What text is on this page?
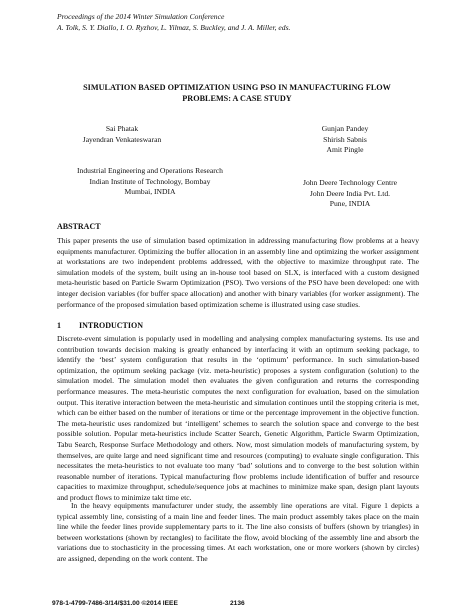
Proceedings of the 2014 Winter Simulation Conference
A. Tolk, S. Y. Diallo, I. O. Ryzhov, L. Yilmaz, S. Buckley, and J. A. Miller, eds.
SIMULATION BASED OPTIMIZATION USING PSO IN MANUFACTURING FLOW
PROBLEMS: A CASE STUDY
Sai Phatak
Jayendran Venkateswaran
Gunjan Pandey
Shirish Sabnis
Amit Pingle
Industrial Engineering and Operations Research
Indian Institute of Technology, Bombay
Mumbai, INDIA
John Deere Technology Centre
John Deere India Pvt. Ltd.
Pune, INDIA
ABSTRACT
This paper presents the use of simulation based optimization in addressing manufacturing flow problems at a heavy equipments manufacturer. Optimizing the buffer allocation in an assembly line and optimizing the worker assignment at workstations are two independent problems addressed, with the objective to maximize throughput rate. The simulation models of the system, built using an in-house tool based on SLX, is interfaced with a custom designed meta-heuristic based on Particle Swarm Optimization (PSO). Two versions of the PSO have been developed: one with integer decision variables (for buffer space allocation) and another with binary variables (for worker assignment). The performance of the proposed simulation based optimization scheme is illustrated using case studies.
1 INTRODUCTION
Discrete-event simulation is popularly used in modelling and analysing complex manufacturing systems. Its use and contribution towards decision making is greatly enhanced by interfacing it with an optimum seeking package, to identify the ‘best’ system configuration that results in the ‘optimum’ performance. In such simulation-based optimization, the optimum seeking package (viz. meta-heuristic) proposes a system configuration (solution) to the simulation model. The simulation model then evaluates the given configuration and returns the corresponding performance measures. The meta-heuristic computes the next configuration for evaluation, based on the simulation output. This iterative interaction between the meta-heuristic and simulation continues until the stopping criteria is met, which can be either based on the number of iterations or time or the percentage improvement in the objective function. The meta-heuristic uses randomized but ‘intelligent’ schemes to search the solution space and converge to the best possible solution. Popular meta-heuristics include Scatter Search, Genetic Algorithm, Particle Swarm Optimization, Tabu Search, Response Surface Methodology and others. Now, most simulation models of manufacturing system, by themselves, are quite large and need significant time and resources (computing) to evaluate single configuration. This necessitates the meta-heuristics to not evaluate too many ‘bad’ solutions and to converge to the best solution within reasonable number of iterations. Typical manufacturing flow problems include identification of buffer and resource capacities to maximize throughput, schedule/sequence jobs at machines to minimize make span, design plant layouts and product flows to minimize takt time etc.
In the heavy equipments manufacturer under study, the assembly line operations are vital. Figure 1 depicts a typical assembly line, consisting of a main line and feeder lines. The main product assembly takes place on the main line while the feeder lines provide supplementary parts to it. The line also consists of buffers (shown by triangles) in between workstations (shown by rectangles) to facilitate the flow, avoid blocking of the assembly line and absorb the variations due to stochasticity in the processing times. At each workstation, one or more workers (shown by circles) are assigned, depending on the work content. The
978-1-4799-7486-3/14/$31.00 ©2014 IEEE	2136
